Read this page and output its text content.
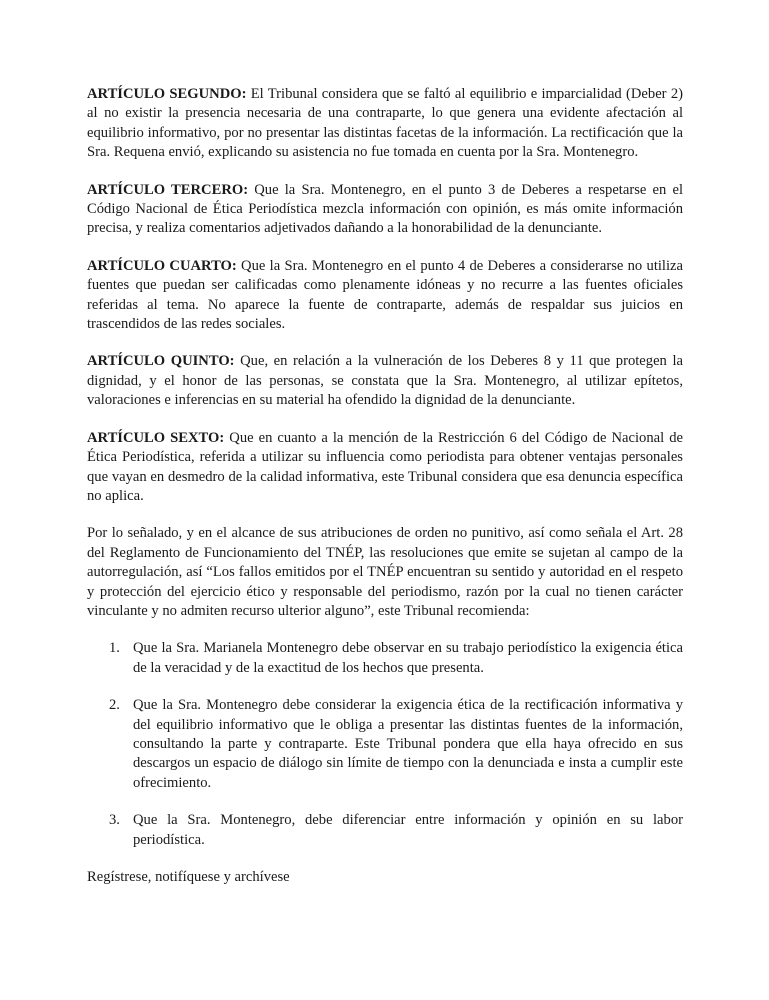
ARTÍCULO SEGUNDO: El Tribunal considera que se faltó al equilibrio e imparcialidad (Deber 2) al no existir la presencia necesaria de una contraparte, lo que genera una evidente afectación al equilibrio informativo, por no presentar las distintas facetas de la información. La rectificación que la Sra. Requena envió, explicando su asistencia no fue tomada en cuenta por la Sra. Montenegro.

ARTÍCULO TERCERO: Que la Sra. Montenegro, en el punto 3 de Deberes a respetarse en el Código Nacional de Ética Periodística mezcla información con opinión, es más omite información precisa, y realiza comentarios adjetivados dañando a la honorabilidad de la denunciante.

ARTÍCULO CUARTO: Que la Sra. Montenegro en el punto 4 de Deberes a considerarse no utiliza fuentes que puedan ser calificadas como plenamente idóneas y no recurre a las fuentes oficiales referidas al tema. No aparece la fuente de contraparte, además de respaldar sus juicios en trascendidos de las redes sociales.

ARTÍCULO QUINTO: Que, en relación a la vulneración de los Deberes 8 y 11 que protegen la dignidad, y el honor de las personas, se constata que la Sra. Montenegro, al utilizar epítetos, valoraciones e inferencias en su material ha ofendido la dignidad de la denunciante.

ARTÍCULO SEXTO: Que en cuanto a la mención de la Restricción 6 del Código de Nacional de Ética Periodística, referida a utilizar su influencia como periodista para obtener ventajas personales que vayan en desmedro de la calidad informativa, este Tribunal considera que esa denuncia específica no aplica.

Por lo señalado, y en el alcance de sus atribuciones de orden no punitivo, así como señala el Art. 28 del Reglamento de Funcionamiento del TNÉP, las resoluciones que emite se sujetan al campo de la autorregulación, así “Los fallos emitidos por el TNÉP encuentran su sentido y autoridad en el respeto y protección del ejercicio ético y responsable del periodismo, razón por la cual no tienen carácter vinculante y no admiten recurso ulterior alguno”, este Tribunal recomienda:

1. Que la Sra. Marianela Montenegro debe observar en su trabajo periodístico la exigencia ética de la veracidad y de la exactitud de los hechos que presenta.
2. Que la Sra. Montenegro debe considerar la exigencia ética de la rectificación informativa y del equilibrio informativo que le obliga a presentar las distintas fuentes de la información, consultando la parte y contraparte. Este Tribunal pondera que ella haya ofrecido en sus descargos un espacio de diálogo sin límite de tiempo con la denunciada e insta a cumplir este ofrecimiento.
3. Que la Sra. Montenegro, debe diferenciar entre información y opinión en su labor periodística.

Regístrese, notifíquese y archívese
